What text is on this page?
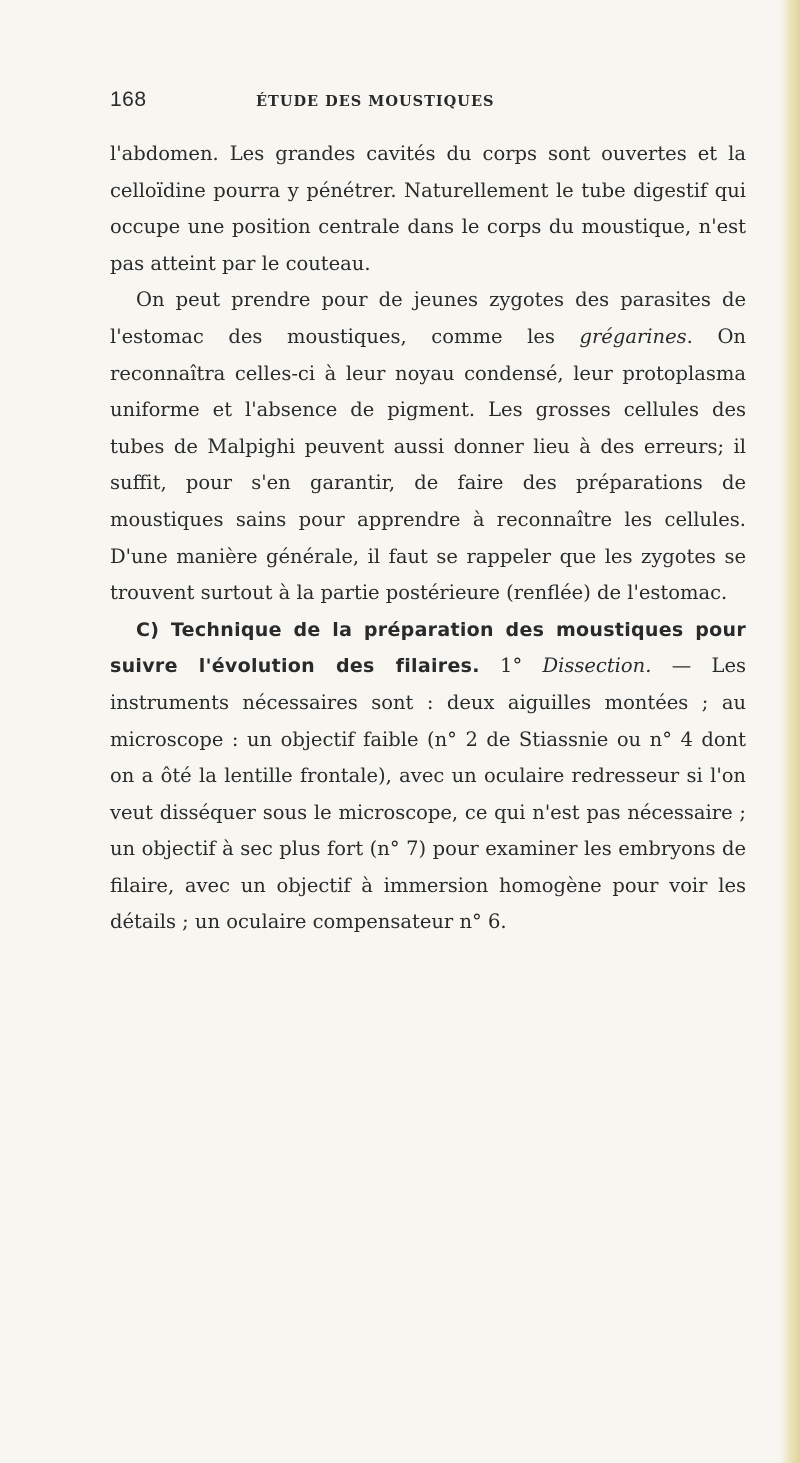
168	ÉTUDE DES MOUSTIQUES

l'abdomen. Les grandes cavités du corps sont ouvertes et la celloïdine pourra y pénétrer. Naturellement le tube digestif qui occupe une position centrale dans le corps du moustique, n'est pas atteint par le couteau.

On peut prendre pour de jeunes zygotes des parasites de l'estomac des moustiques, comme les grégarines. On reconnaîtra celles-ci à leur noyau condensé, leur protoplasma uniforme et l'absence de pigment. Les grosses cellules des tubes de Malpighi peuvent aussi donner lieu à des erreurs; il suffit, pour s'en garantir, de faire des préparations de moustiques sains pour apprendre à reconnaître les cellules. D'une manière générale, il faut se rappeler que les zygotes se trouvent surtout à la partie postérieure (renflée) de l'estomac.

C) Technique de la préparation des moustiques pour suivre l'évolution des filaires. 1° Dissection. — Les instruments nécessaires sont : deux aiguilles montées ; au microscope : un objectif faible (n° 2 de Stiassnie ou n° 4 dont on a ôté la lentille frontale), avec un oculaire redresseur si l'on veut disséquer sous le microscope, ce qui n'est pas nécessaire ; un objectif à sec plus fort (n° 7) pour examiner les embryons de filaire, avec un objectif à immersion homogène pour voir les détails ; un oculaire compensateur n° 6.
